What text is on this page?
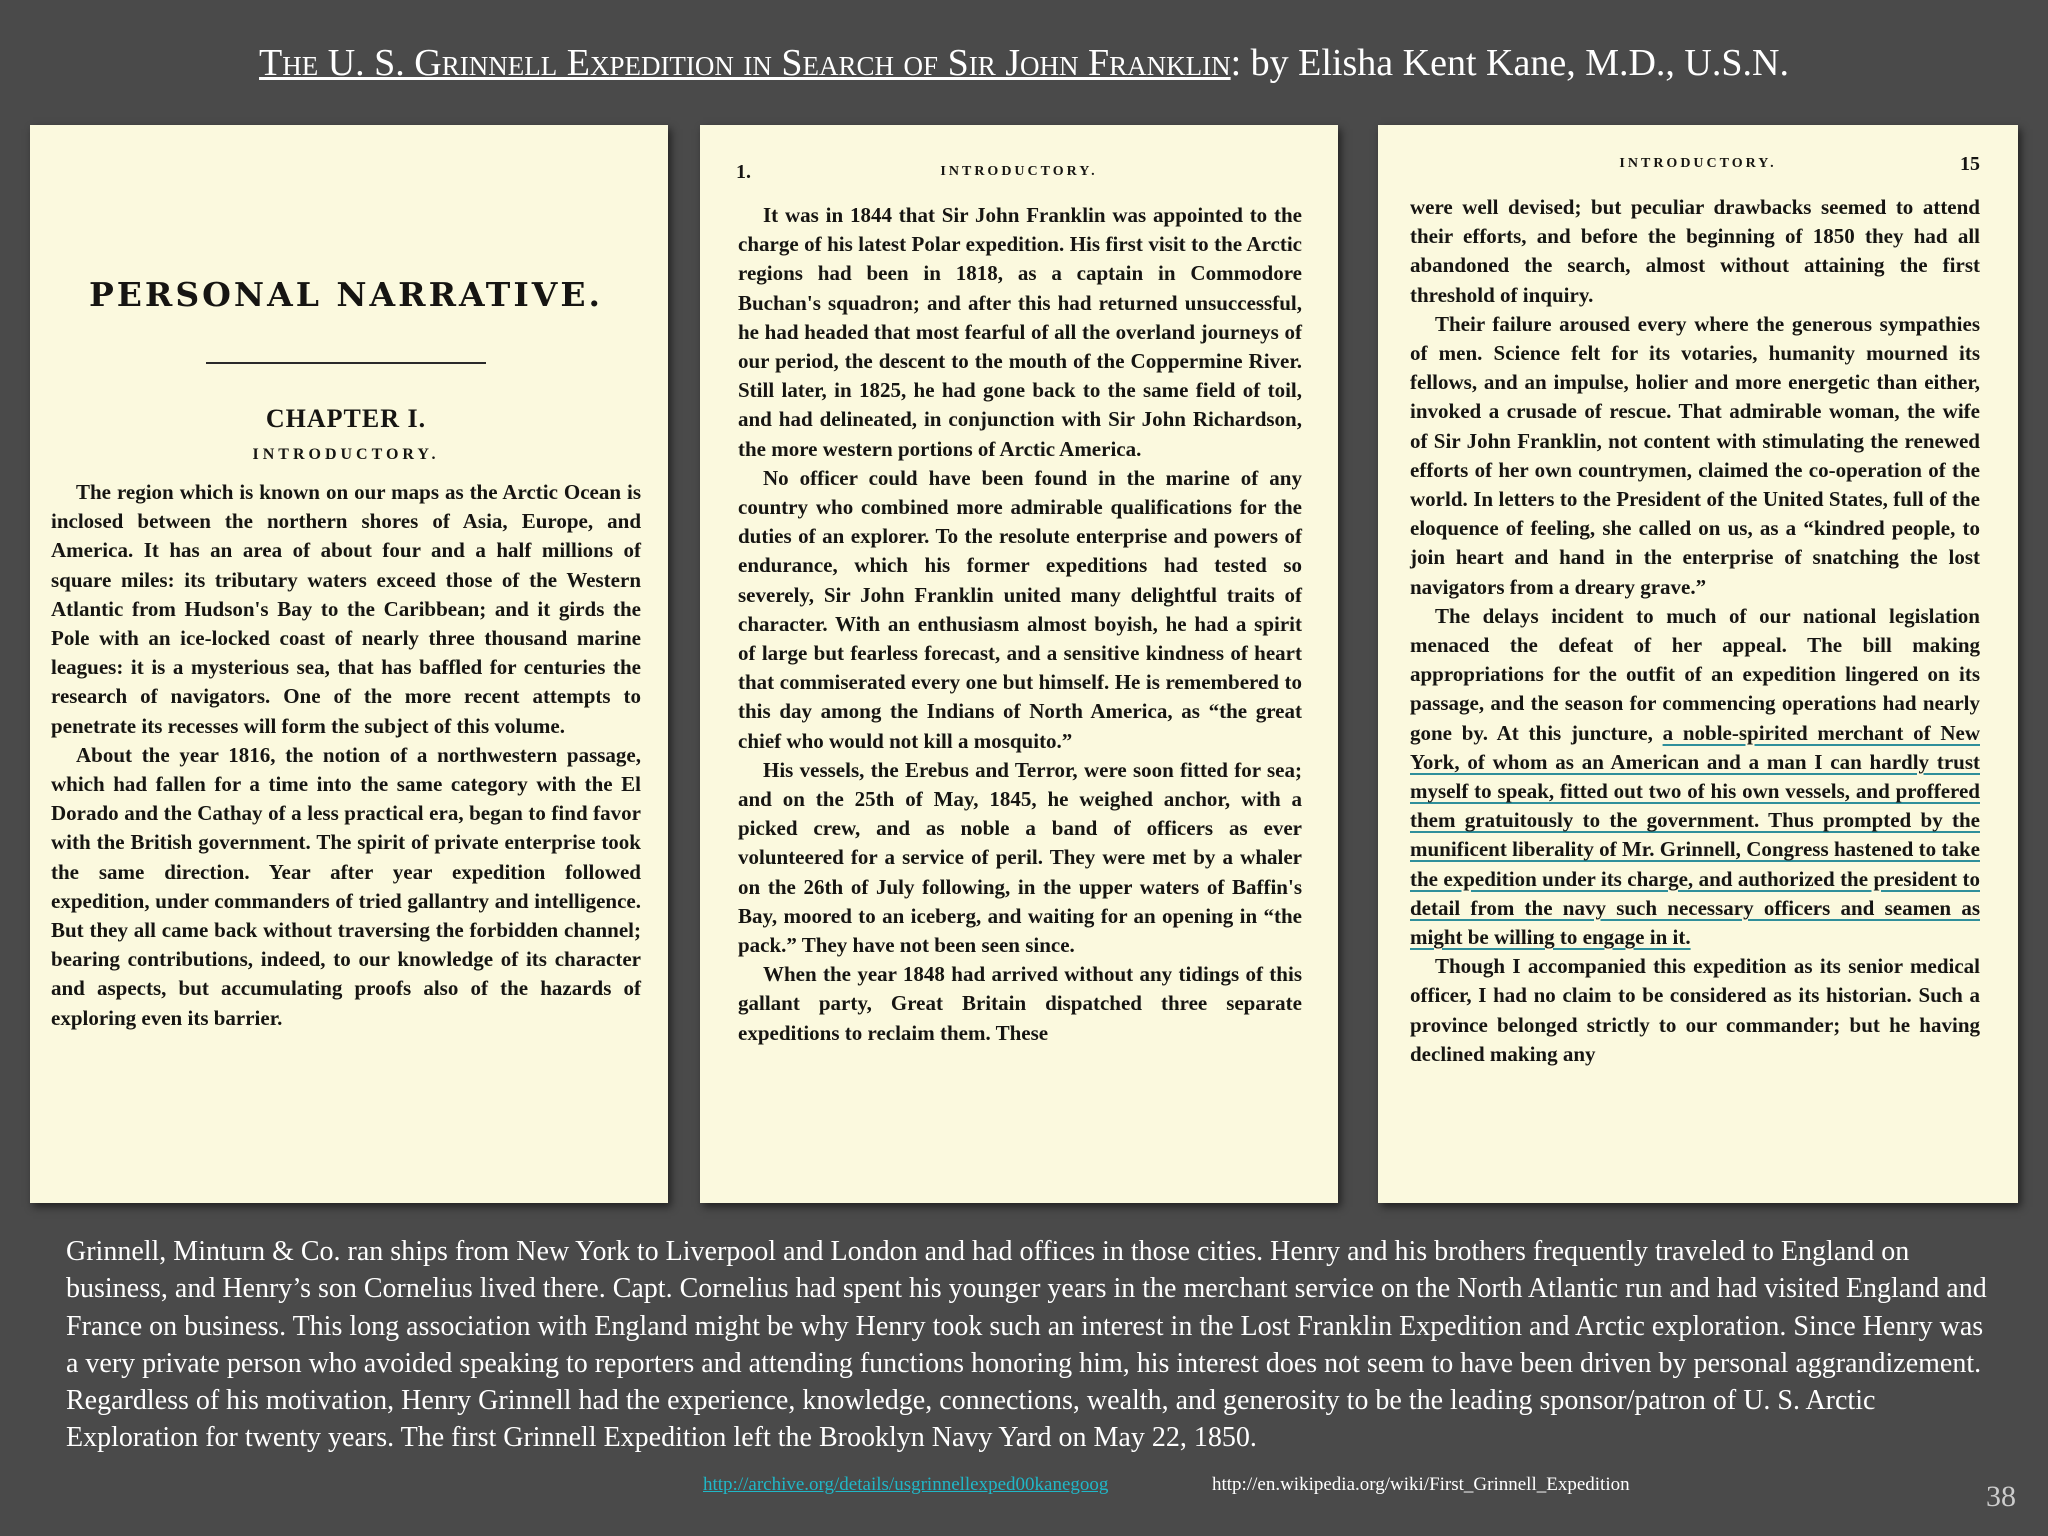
The U. S. Grinnell Expedition in Search of Sir John Franklin: by Elisha Kent Kane, M.D., U.S.N.
PERSONAL NARRATIVE.
CHAPTER I.
INTRODUCTORY.

The region which is known on our maps as the Arctic Ocean is inclosed between the northern shores of Asia, Europe, and America. It has an area of about four and a half millions of square miles: its tributary waters exceed those of the Western Atlantic from Hudson's Bay to the Caribbean; and it girds the Pole with an ice-locked coast of nearly three thousand marine leagues: it is a mysterious sea, that has baffled for centuries the research of navigators. One of the more recent attempts to penetrate its recesses will form the subject of this volume.

About the year 1816, the notion of a northwestern passage, which had fallen for a time into the same category with the El Dorado and the Cathay of a less practical era, began to find favor with the British government. The spirit of private enterprise took the same direction. Year after year expedition followed expedition, under commanders of tried gallantry and intelligence. But they all came back without traversing the forbidden channel; bearing contributions, indeed, to our knowledge of its character and aspects, but accumulating proofs also of the hazards of exploring even its barrier.

1.	INTRODUCTORY.

It was in 1844 that Sir John Franklin was appointed to the charge of his latest Polar expedition. His first visit to the Arctic regions had been in 1818, as a captain in Commodore Buchan's squadron; and after this had returned unsuccessful, he had headed that most fearful of all the overland journeys of our period, the descent to the mouth of the Coppermine River. Still later, in 1825, he had gone back to the same field of toil, and had delineated, in conjunction with Sir John Richardson, the more western portions of Arctic America.

No officer could have been found in the marine of any country who combined more admirable qualifications for the duties of an explorer. To the resolute enterprise and powers of endurance, which his former expeditions had tested so severely, Sir John Franklin united many delightful traits of character. With an enthusiasm almost boyish, he had a spirit of large but fearless forecast, and a sensitive kindness of heart that commiserated every one but himself. He is remembered to this day among the Indians of North America, as “the great chief who would not kill a mosquito.”

His vessels, the Erebus and Terror, were soon fitted for sea; and on the 25th of May, 1845, he weighed anchor, with a picked crew, and as noble a band of officers as ever volunteered for a service of peril. They were met by a whaler on the 26th of July following, in the upper waters of Baffin's Bay, moored to an iceberg, and waiting for an opening in “the pack.” They have not been seen since.

When the year 1848 had arrived without any tidings of this gallant party, Great Britain dispatched three separate expeditions to reclaim them. These

INTRODUCTORY.	15

were well devised; but peculiar drawbacks seemed to attend their efforts, and before the beginning of 1850 they had all abandoned the search, almost without attaining the first threshold of inquiry.

Their failure aroused every where the generous sympathies of men. Science felt for its votaries, humanity mourned its fellows, and an impulse, holier and more energetic than either, invoked a crusade of rescue. That admirable woman, the wife of Sir John Franklin, not content with stimulating the renewed efforts of her own countrymen, claimed the co-operation of the world. In letters to the President of the United States, full of the eloquence of feeling, she called on us, as a “kindred people, to join heart and hand in the enterprise of snatching the lost navigators from a dreary grave.”

The delays incident to much of our national legislation menaced the defeat of her appeal. The bill making appropriations for the outfit of an expedition lingered on its passage, and the season for commencing operations had nearly gone by. At this juncture, a noble-spirited merchant of New York, of whom as an American and a man I can hardly trust myself to speak, fitted out two of his own vessels, and proffered them gratuitously to the government. Thus prompted by the munificent liberality of Mr. Grinnell, Congress hastened to take the expedition under its charge, and authorized the president to detail from the navy such necessary officers and seamen as might be willing to engage in it.

Though I accompanied this expedition as its senior medical officer, I had no claim to be considered as its historian. Such a province belonged strictly to our commander; but he having declined making any

Grinnell, Minturn & Co. ran ships from New York to Liverpool and London and had offices in those cities. Henry and his brothers frequently traveled to England on business, and Henry’s son Cornelius lived there. Capt. Cornelius had spent his younger years in the merchant service on the North Atlantic run and had visited England and France on business. This long association with England might be why Henry took such an interest in the Lost Franklin Expedition and Arctic exploration. Since Henry was a very private person who avoided speaking to reporters and attending functions honoring him, his interest does not seem to have been driven by personal aggrandizement. Regardless of his motivation, Henry Grinnell had the experience, knowledge, connections, wealth, and generosity to be the leading sponsor/patron of U. S. Arctic Exploration for twenty years. The first Grinnell Expedition left the Brooklyn Navy Yard on May 22, 1850.
http://archive.org/details/usgrinnellexped00kanegoog	http://en.wikipedia.org/wiki/First_Grinnell_Expedition	38
